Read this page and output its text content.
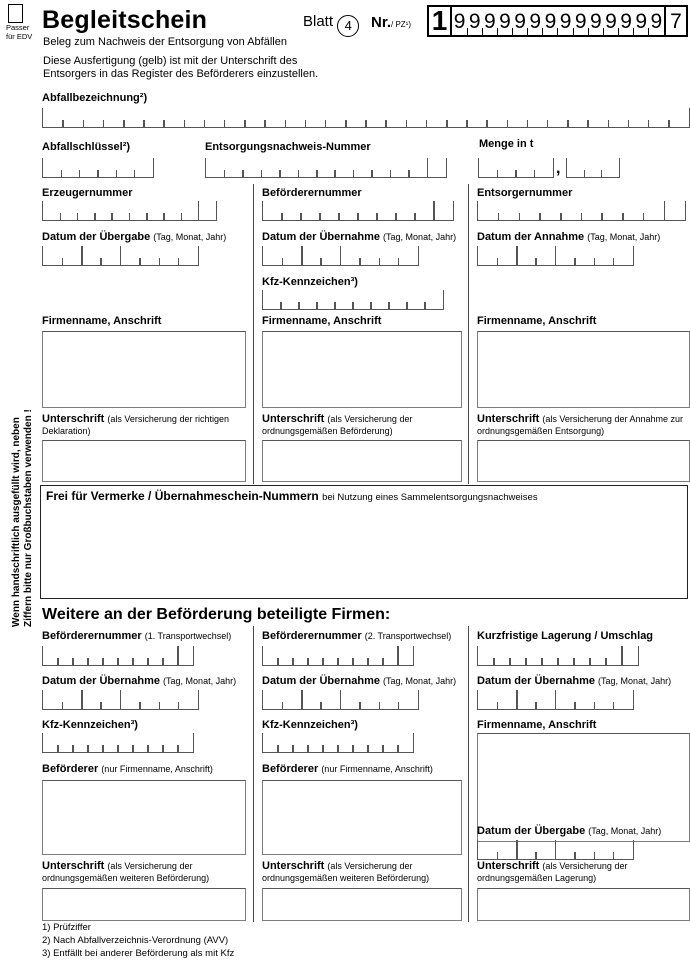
Passer
für EDV
Begleitschein
Beleg zum Nachweis der Entsorgung von Abfällen
Diese Ausfertigung (gelb) ist mit der Unterschrift des
Entsorgers in das Register des Beförderers einzustellen.
Blatt 4	Nr./ PZ¹) 1 9 9 9 9 9 9 9 9 9 9 9 9 9 9 7
Wenn handschriftlich ausgefüllt wird, neben Ziffern bitte nur Großbuchstaben verwenden !
Abfallbezeichnung²)
Abfallschlüssel²)	Entsorgungsnachweis-Nummer	Menge in t
,
Erzeugernummer
Datum der Übergabe (Tag, Monat, Jahr)
Firmenname, Anschrift
Unterschrift (als Versicherung der richtigen Deklaration)
Beförderernummer
Datum der Übernahme (Tag, Monat, Jahr)
Kfz-Kennzeichen³)
Firmenname, Anschrift
Unterschrift (als Versicherung der ordnungsgemäßen Beförderung)
Entsorgernummer
Datum der Annahme (Tag, Monat, Jahr)
Firmenname, Anschrift
Unterschrift (als Versicherung der Annahme zur ordnungsgemäßen Entsorgung)
Frei für Vermerke / Übernahmeschein-Nummern bei Nutzung eines Sammelentsorgungsnachweises
Weitere an der Beförderung beteiligte Firmen:
Beförderernummer (1. Transportwechsel)
Datum der Übernahme (Tag, Monat, Jahr)
Kfz-Kennzeichen³)
Beförderer (nur Firmenname, Anschrift)
Unterschrift (als Versicherung der ordnungsgemäßen weiteren Beförderung)
Beförderernummer (2. Transportwechsel)
Datum der Übernahme (Tag, Monat, Jahr)
Kfz-Kennzeichen³)
Beförderer (nur Firmenname, Anschrift)
Unterschrift (als Versicherung der ordnungsgemäßen weiteren Beförderung)
Kurzfristige Lagerung / Umschlag
Datum der Übernahme (Tag, Monat, Jahr)
Firmenname, Anschrift
Datum der Übergabe (Tag, Monat, Jahr)
Unterschrift (als Versicherung der ordnungsgemäßen Lagerung)
1) Prüfziffer
2) Nach Abfallverzeichnis-Verordnung (AVV)
3) Entfällt bei anderer Beförderung als mit Kfz
